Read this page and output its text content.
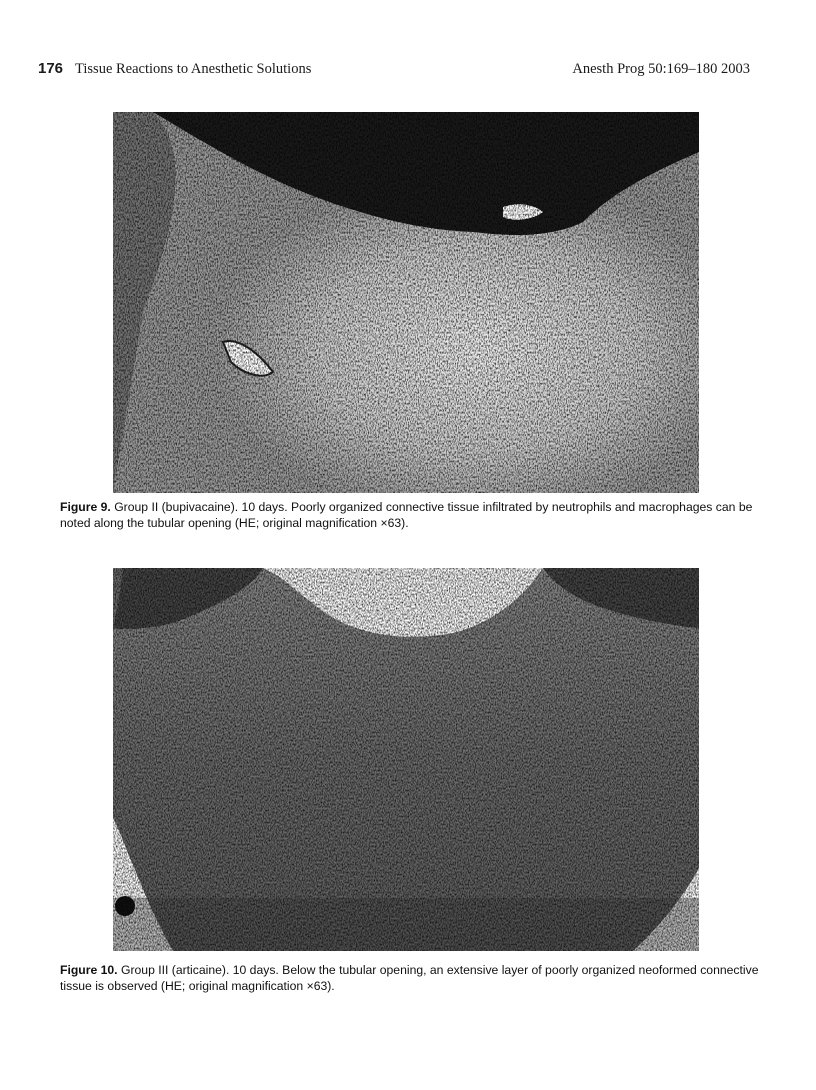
176 Tissue Reactions to Anesthetic Solutions	Anesth Prog 50:169–180 2003
Figure 9. Group II (bupivacaine). 10 days. Poorly organized connective tissue infiltrated by neutrophils and macrophages can be noted along the tubular opening (HE; original magnification ×63).
Figure 10. Group III (articaine). 10 days. Below the tubular opening, an extensive layer of poorly organized neoformed connective tissue is observed (HE; original magnification ×63).
